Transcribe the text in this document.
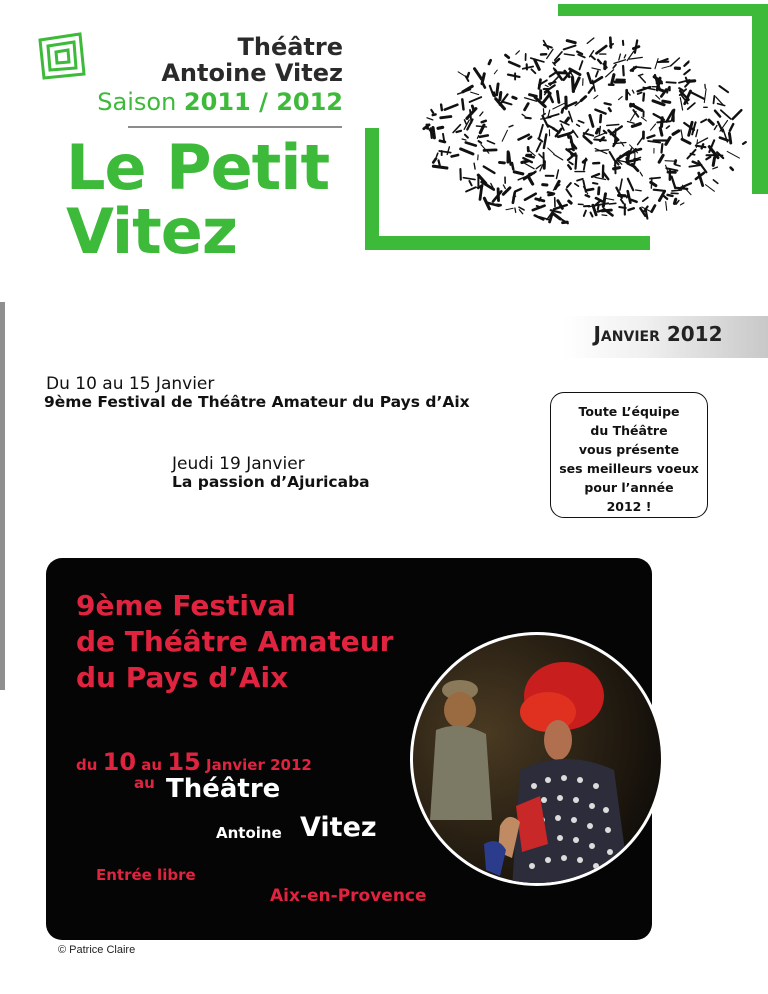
Théâtre
Antoine Vitez
Saison 2011 / 2012
Le Petit
Vitez
Janvier 2012
Du 10 au 15 Janvier
9ème Festival de Théâtre Amateur du Pays d’Aix
Jeudi 19 Janvier
La passion d’Ajuricaba
Toute L’équipe
du Théâtre
vous présente
ses meilleurs voeux
pour l’année
2012 !
9ème Festival
de Théâtre Amateur
du Pays d’Aix
du 10 au 15 Janvier 2012
au Théâtre
Antoine Vitez
Entrée libre
Aix-en-Provence
© Patrice Claire
